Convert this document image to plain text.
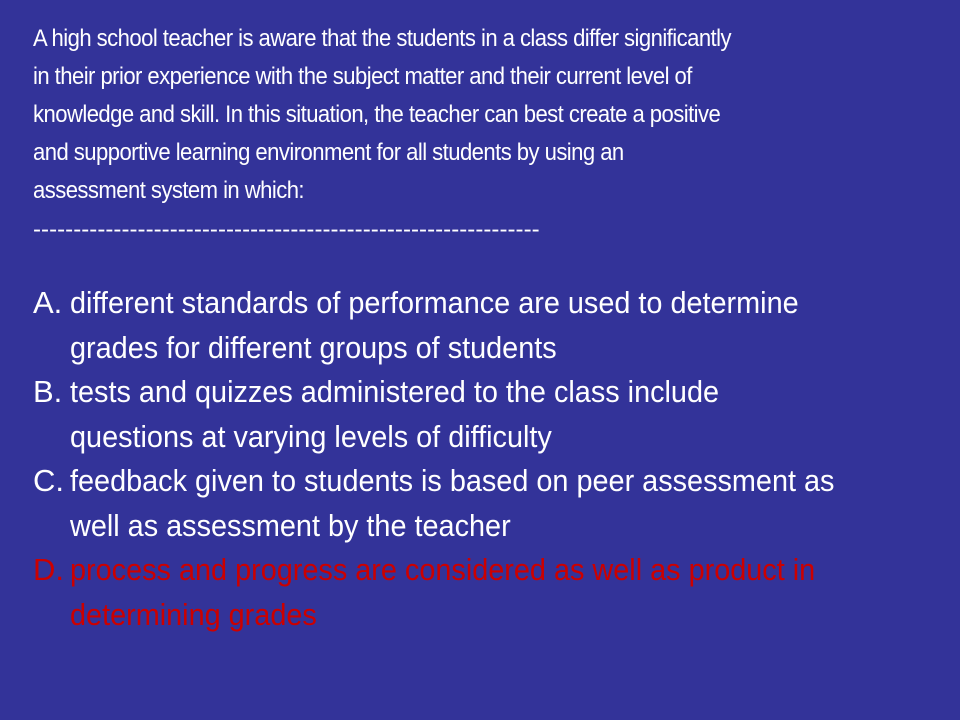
A high school teacher is aware that the students in a class differ significantly
in their prior experience with the subject matter and their current level of
knowledge and skill. In this situation, the teacher can best create a positive
and supportive learning environment for all students by using an
assessment system in which:
---------------------------------------------------------------
A. different standards of performance are used to determine
grades for different groups of students
B. tests and quizzes administered to the class include
questions at varying levels of difficulty
C. feedback given to students is based on peer assessment as
well as assessment by the teacher
D. process and progress are considered as well as product in
determining grades
